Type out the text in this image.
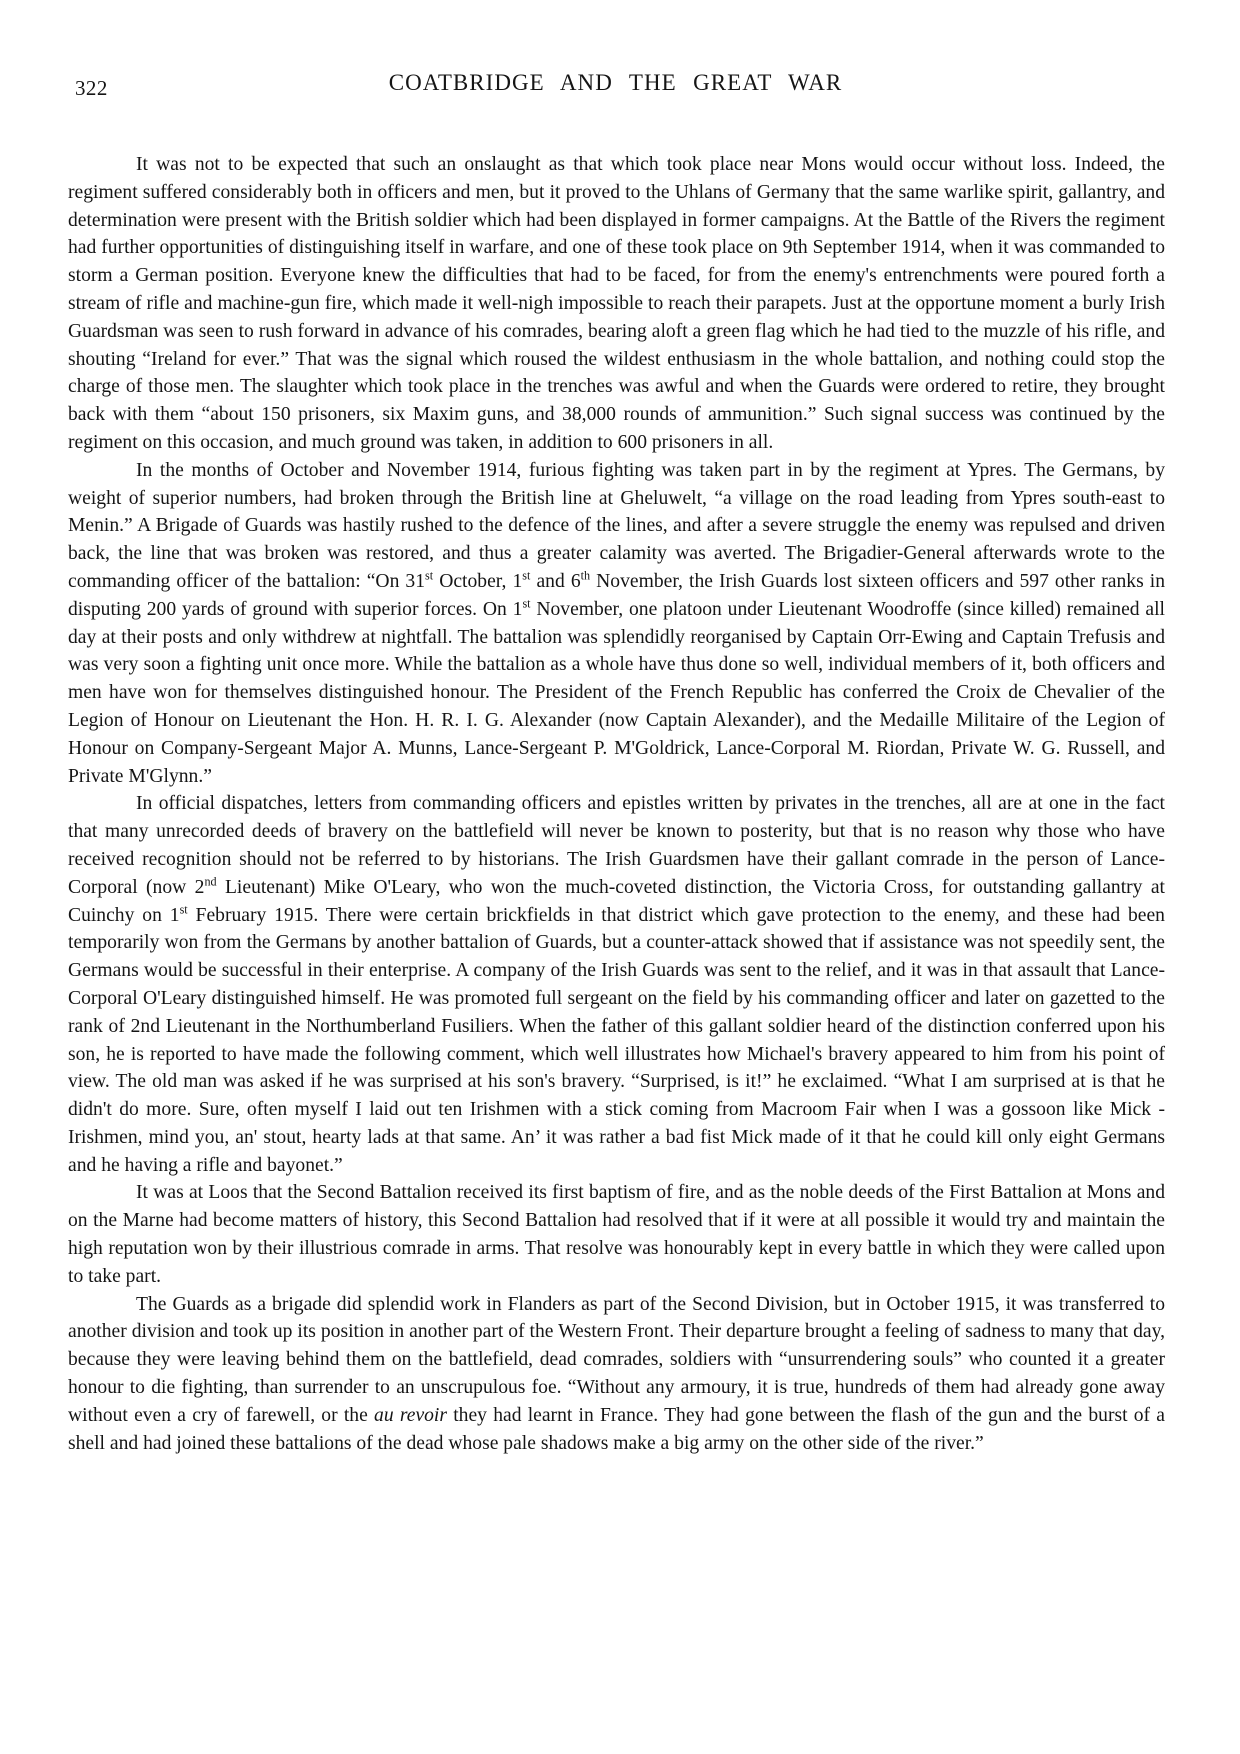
322	COATBRIDGE AND THE GREAT WAR

It was not to be expected that such an onslaught as that which took place near Mons would occur without loss. Indeed, the regiment suffered considerably both in officers and men, but it proved to the Uhlans of Germany that the same warlike spirit, gallantry, and determination were present with the British soldier which had been displayed in former campaigns. At the Battle of the Rivers the regiment had further opportunities of distinguishing itself in warfare, and one of these took place on 9th September 1914, when it was commanded to storm a German position. Everyone knew the difficulties that had to be faced, for from the enemy's entrenchments were poured forth a stream of rifle and machine-gun fire, which made it well-nigh impossible to reach their parapets. Just at the opportune moment a burly Irish Guardsman was seen to rush forward in advance of his comrades, bearing aloft a green flag which he had tied to the muzzle of his rifle, and shouting “Ireland for ever.” That was the signal which roused the wildest enthusiasm in the whole battalion, and nothing could stop the charge of those men. The slaughter which took place in the trenches was awful and when the Guards were ordered to retire, they brought back with them “about 150 prisoners, six Maxim guns, and 38,000 rounds of ammunition.” Such signal success was continued by the regiment on this occasion, and much ground was taken, in addition to 600 prisoners in all.

In the months of October and November 1914, furious fighting was taken part in by the regiment at Ypres. The Germans, by weight of superior numbers, had broken through the British line at Gheluwelt, “a village on the road leading from Ypres south-east to Menin.” A Brigade of Guards was hastily rushed to the defence of the lines, and after a severe struggle the enemy was repulsed and driven back, the line that was broken was restored, and thus a greater calamity was averted. The Brigadier-General afterwards wrote to the commanding officer of the battalion: “On 31st October, 1st and 6th November, the Irish Guards lost sixteen officers and 597 other ranks in disputing 200 yards of ground with superior forces. On 1st November, one platoon under Lieutenant Woodroffe (since killed) remained all day at their posts and only withdrew at nightfall. The battalion was splendidly reorganised by Captain Orr-Ewing and Captain Trefusis and was very soon a fighting unit once more. While the battalion as a whole have thus done so well, individual members of it, both officers and men have won for themselves distinguished honour. The President of the French Republic has conferred the Croix de Chevalier of the Legion of Honour on Lieutenant the Hon. H. R. I. G. Alexander (now Captain Alexander), and the Medaille Militaire of the Legion of Honour on Company-Sergeant Major A. Munns, Lance-Sergeant P. M'Goldrick, Lance-Corporal M. Riordan, Private W. G. Russell, and Private M'Glynn.”

In official dispatches, letters from commanding officers and epistles written by privates in the trenches, all are at one in the fact that many unrecorded deeds of bravery on the battlefield will never be known to posterity, but that is no reason why those who have received recognition should not be referred to by historians. The Irish Guardsmen have their gallant comrade in the person of Lance-Corporal (now 2nd Lieutenant) Mike O'Leary, who won the much-coveted distinction, the Victoria Cross, for outstanding gallantry at Cuinchy on 1st February 1915. There were certain brickfields in that district which gave protection to the enemy, and these had been temporarily won from the Germans by another battalion of Guards, but a counter-attack showed that if assistance was not speedily sent, the Germans would be successful in their enterprise. A company of the Irish Guards was sent to the relief, and it was in that assault that Lance-Corporal O'Leary distinguished himself. He was promoted full sergeant on the field by his commanding officer and later on gazetted to the rank of 2nd Lieutenant in the Northumberland Fusiliers. When the father of this gallant soldier heard of the distinction conferred upon his son, he is reported to have made the following comment, which well illustrates how Michael's bravery appeared to him from his point of view. The old man was asked if he was surprised at his son's bravery. “Surprised, is it!” he exclaimed. “What I am surprised at is that he didn't do more. Sure, often myself I laid out ten Irishmen with a stick coming from Macroom Fair when I was a gossoon like Mick - Irishmen, mind you, an' stout, hearty lads at that same. An’ it was rather a bad fist Mick made of it that he could kill only eight Germans and he having a rifle and bayonet.”

It was at Loos that the Second Battalion received its first baptism of fire, and as the noble deeds of the First Battalion at Mons and on the Marne had become matters of history, this Second Battalion had resolved that if it were at all possible it would try and maintain the high reputation won by their illustrious comrade in arms. That resolve was honourably kept in every battle in which they were called upon to take part.

The Guards as a brigade did splendid work in Flanders as part of the Second Division, but in October 1915, it was transferred to another division and took up its position in another part of the Western Front. Their departure brought a feeling of sadness to many that day, because they were leaving behind them on the battlefield, dead comrades, soldiers with “unsurrendering souls” who counted it a greater honour to die fighting, than surrender to an unscrupulous foe. “Without any armoury, it is true, hundreds of them had already gone away without even a cry of farewell, or the au revoir they had learnt in France. They had gone between the flash of the gun and the burst of a shell and had joined these battalions of the dead whose pale shadows make a big army on the other side of the river.”
